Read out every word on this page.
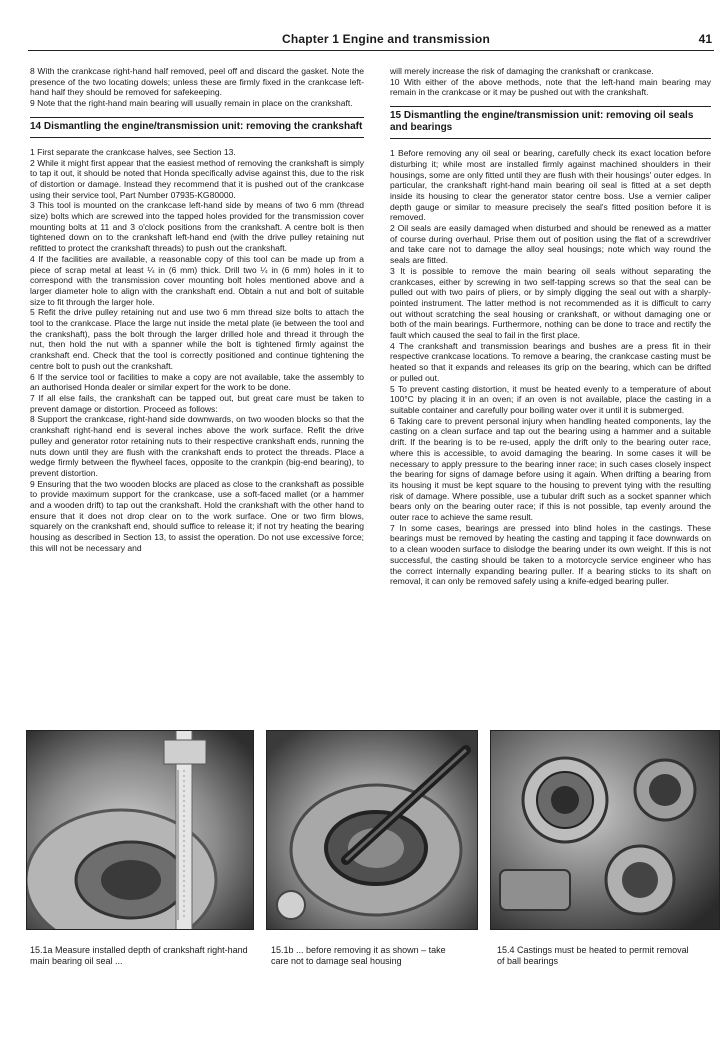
Chapter 1 Engine and transmission	41

8 With the crankcase right-hand half removed, peel off and discard the gasket. Note the presence of the two locating dowels; unless these are firmly fixed in the crankcase left-hand half they should be removed for safekeeping.

9 Note that the right-hand main bearing will usually remain in place on the crankshaft.

14 Dismantling the engine/transmission unit: removing the crankshaft

1 First separate the crankcase halves, see Section 13.

2 While it might first appear that the easiest method of removing the crankshaft is simply to tap it out, it should be noted that Honda specifically advise against this, due to the risk of distortion or damage. Instead they recommend that it is pushed out of the crankcase using their service tool, Part Number 07935-KG80000.

3 This tool is mounted on the crankcase left-hand side by means of two 6 mm (thread size) bolts which are screwed into the tapped holes provided for the transmission cover mounting bolts at 11 and 3 o'clock positions from the crankshaft. A centre bolt is then tightened down on to the crankshaft left-hand end (with the drive pulley retaining nut refitted to protect the crankshaft threads) to push out the crankshaft.

4 If the facilities are available, a reasonable copy of this tool can be made up from a piece of scrap metal at least ¼ in (6 mm) thick. Drill two ¼ in (6 mm) holes in it to correspond with the transmission cover mounting bolt holes mentioned above and a larger diameter hole to align with the crankshaft end. Obtain a nut and bolt of suitable size to fit through the larger hole.

5 Refit the drive pulley retaining nut and use two 6 mm thread size bolts to attach the tool to the crankcase. Place the large nut inside the metal plate (ie between the tool and the crankshaft), pass the bolt through the larger drilled hole and thread it through the nut, then hold the nut with a spanner while the bolt is tightened firmly against the crankshaft end. Check that the tool is correctly positioned and continue tightening the centre bolt to push out the crankshaft.

6 If the service tool or facilities to make a copy are not available, take the assembly to an authorised Honda dealer or similar expert for the work to be done.

7 If all else fails, the crankshaft can be tapped out, but great care must be taken to prevent damage or distortion. Proceed as follows:

8 Support the crankcase, right-hand side downwards, on two wooden blocks so that the crankshaft right-hand end is several inches above the work surface. Refit the drive pulley and generator rotor retaining nuts to their respective crankshaft ends, running the nuts down until they are flush with the crankshaft ends to protect the threads. Place a wedge firmly between the flywheel faces, opposite to the crankpin (big-end bearing), to prevent distortion.

9 Ensuring that the two wooden blocks are placed as close to the crankshaft as possible to provide maximum support for the crankcase, use a soft-faced mallet (or a hammer and a wooden drift) to tap out the crankshaft. Hold the crankshaft with the other hand to ensure that it does not drop clear on to the work surface. One or two firm blows, squarely on the crankshaft end, should suffice to release it; if not try heating the bearing housing as described in Section 13, to assist the operation. Do not use excessive force; this will not be necessary and

will merely increase the risk of damaging the crankshaft or crankcase.

10 With either of the above methods, note that the left-hand main bearing may remain in the crankcase or it may be pushed out with the crankshaft.

15 Dismantling the engine/transmission unit: removing oil seals and bearings

1 Before removing any oil seal or bearing, carefully check its exact location before disturbing it; while most are installed firmly against machined shoulders in their housings, some are only fitted until they are flush with their housings' outer edges. In particular, the crankshaft right-hand main bearing oil seal is fitted at a set depth inside its housing to clear the generator stator centre boss. Use a vernier caliper depth gauge or similar to measure precisely the seal's fitted position before it is removed.

2 Oil seals are easily damaged when disturbed and should be renewed as a matter of course during overhaul. Prise them out of position using the flat of a screwdriver and take care not to damage the alloy seal housings; note which way round the seals are fitted.

3 It is possible to remove the main bearing oil seals without separating the crankcases, either by screwing in two self-tapping screws so that the seal can be pulled out with two pairs of pliers, or by simply digging the seal out with a sharply-pointed instrument. The latter method is not recommended as it is difficult to carry out without scratching the seal housing or crankshaft, or without damaging one or both of the main bearings. Furthermore, nothing can be done to trace and rectify the fault which caused the seal to fail in the first place.

4 The crankshaft and transmission bearings and bushes are a press fit in their respective crankcase locations. To remove a bearing, the crankcase casting must be heated so that it expands and releases its grip on the bearing, which can be drifted or pulled out.

5 To prevent casting distortion, it must be heated evenly to a temperature of about 100°C by placing it in an oven; if an oven is not available, place the casting in a suitable container and carefully pour boiling water over it until it is submerged.

6 Taking care to prevent personal injury when handling heated components, lay the casting on a clean surface and tap out the bearing using a hammer and a suitable drift. If the bearing is to be re-used, apply the drift only to the bearing outer race, where this is accessible, to avoid damaging the bearing. In some cases it will be necessary to apply pressure to the bearing inner race; in such cases closely inspect the bearing for signs of damage before using it again. When drifting a bearing from its housing it must be kept square to the housing to prevent tying with the resulting risk of damage. Where possible, use a tubular drift such as a socket spanner which bears only on the bearing outer race; if this is not possible, tap evenly around the outer race to achieve the same result.

7 In some cases, bearings are pressed into blind holes in the castings. These bearings must be removed by heating the casting and tapping it face downwards on to a clean wooden surface to dislodge the bearing under its own weight. If this is not successful, the casting should be taken to a motorcycle service engineer who has the correct internally expanding bearing puller. If a bearing sticks to its shaft on removal, it can only be removed safely using a knife-edged bearing puller.

15.1a Measure installed depth of crankshaft right-hand main bearing oil seal ...
15.1b ... before removing it as shown – take care not to damage seal housing
15.4 Castings must be heated to permit removal of ball bearings
